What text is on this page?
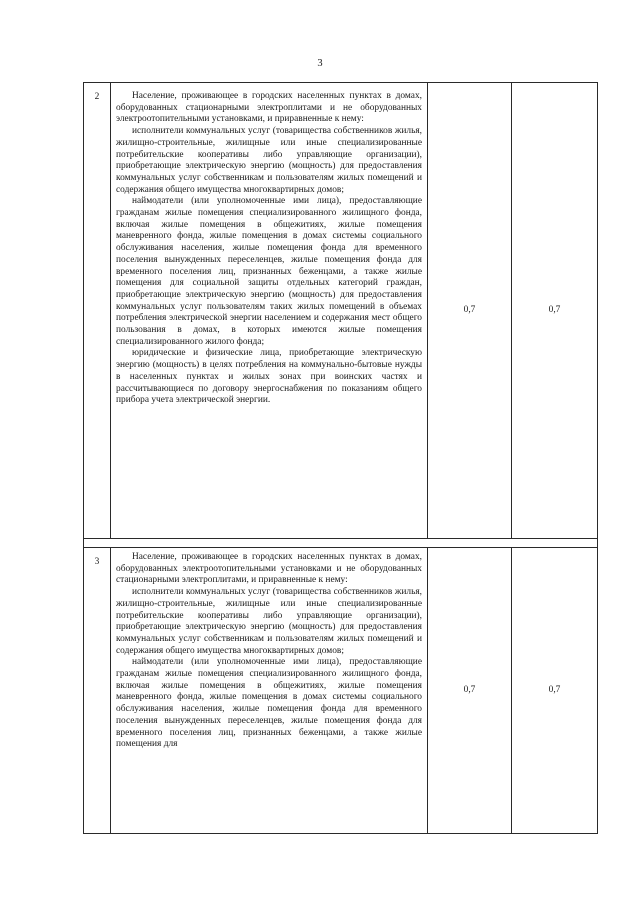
3
2	Население, проживающее в городских населенных пунктах в домах, оборудованных стационарными электроплитами и не оборудованных электроотопительными установками, и приравненные к нему:

исполнители коммунальных услуг (товарищества собственников жилья, жилищно-строительные, жилищные или иные специализированные потребительские кооперативы либо управляющие организации), приобретающие электрическую энергию (мощность) для предоставления коммунальных услуг собственникам и пользователям жилых помещений и содержания общего имущества многоквартирных домов;

наймодатели (или уполномоченные ими лица), предоставляющие гражданам жилые помещения специализированного жилищного фонда, включая жилые помещения в общежитиях, жилые помещения маневренного фонда, жилые помещения в домах системы социального обслуживания населения, жилые помещения фонда для временного поселения вынужденных переселенцев, жилые помещения фонда для временного поселения лиц, признанных беженцами, а также жилые помещения для социальной защиты отдельных категорий граждан, приобретающие электрическую энергию (мощность) для предоставления коммунальных услуг пользователям таких жилых помещений в объемах потребления электрической энергии населением и содержания мест общего пользования в домах, в которых имеются жилые помещения специализированного жилого фонда;

юридические и физические лица, приобретающие электрическую энергию (мощность) в целях потребления на коммунально-бытовые нужды в населенных пунктах и жилых зонах при воинских частях и рассчитывающиеся по договору энергоснабжения по показаниям общего прибора учета электрической энергии.	0,7	0,7

3	Население, проживающее в городских населенных пунктах в домах, оборудованных электроотопительными установками и не оборудованных стационарными электроплитами, и приравненные к нему:

исполнители коммунальных услуг (товарищества собственников жилья, жилищно-строительные, жилищные или иные специализированные потребительские кооперативы либо управляющие организации), приобретающие электрическую энергию (мощность) для предоставления коммунальных услуг собственникам и пользователям жилых помещений и содержания общего имущества многоквартирных домов;

наймодатели (или уполномоченные ими лица), предоставляющие гражданам жилые помещения специализированного жилищного фонда, включая жилые помещения в общежитиях, жилые помещения маневренного фонда, жилые помещения в домах системы социального обслуживания населения, жилые помещения фонда для временного поселения вынужденных переселенцев, жилые помещения фонда для временного поселения лиц, признанных беженцами, а также жилые помещения для	0,7	0,7
